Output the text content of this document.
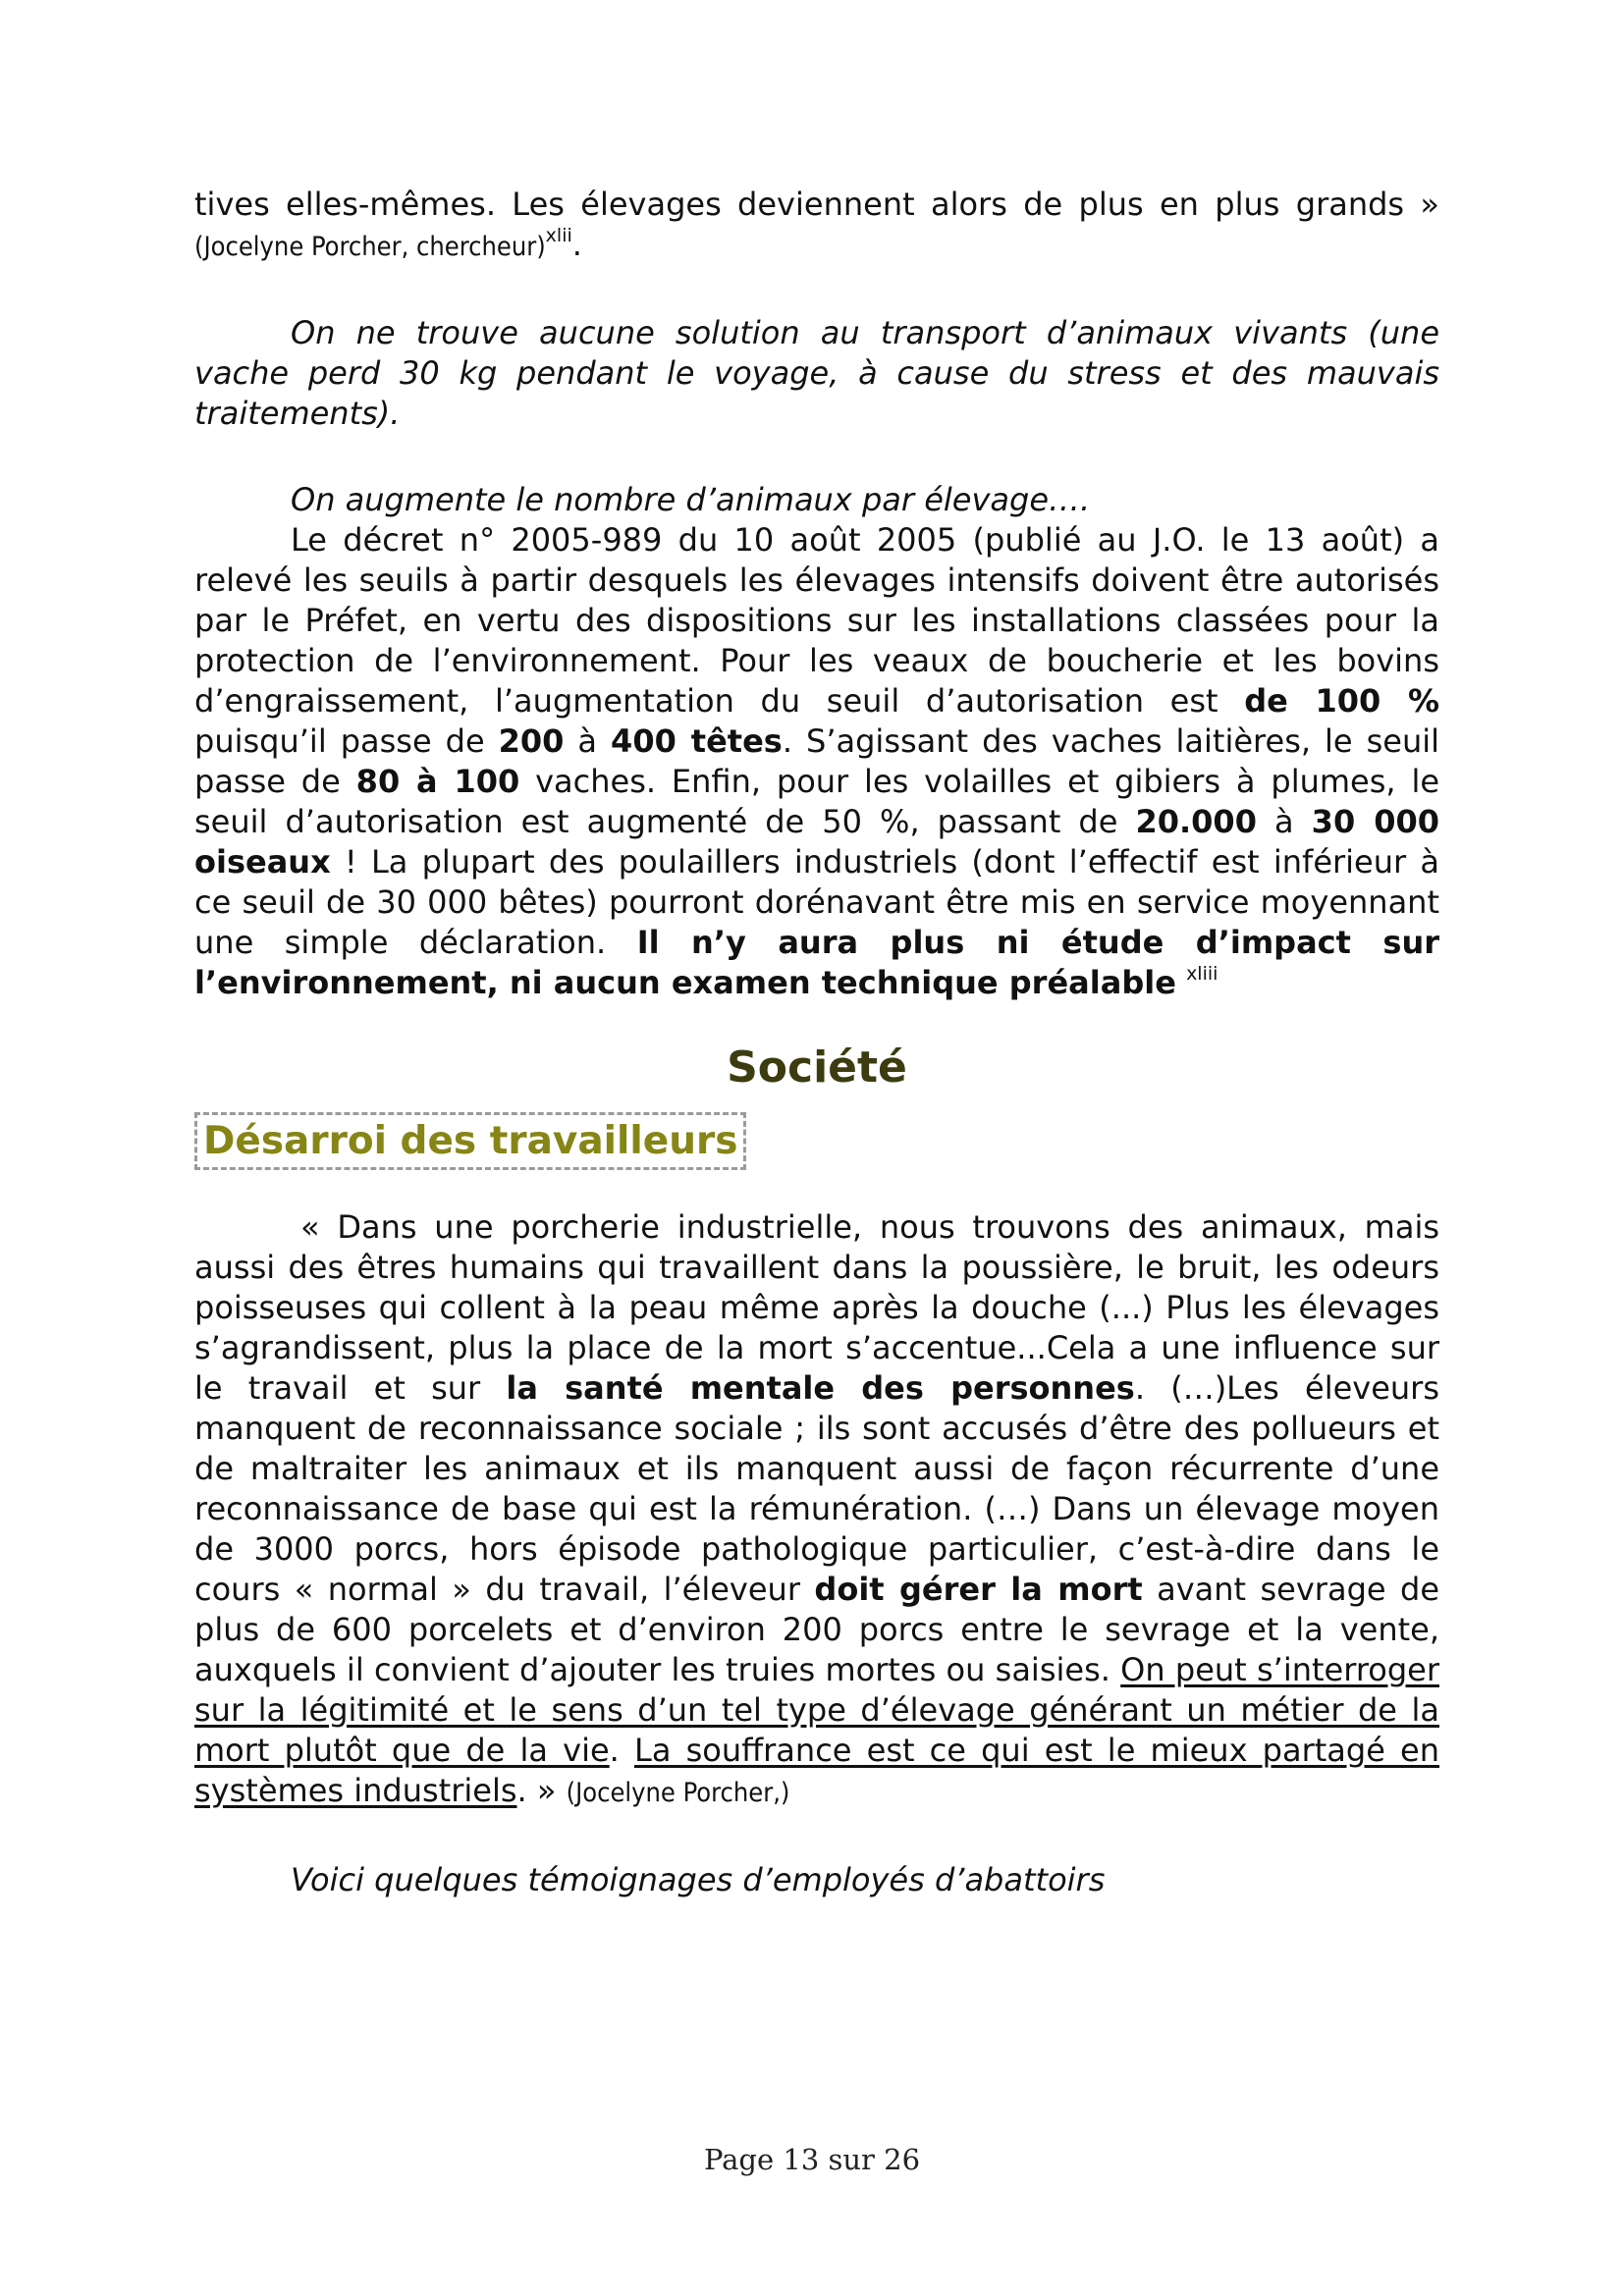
tives elles-mêmes. Les élevages deviennent alors de plus en plus grands » (Jocelyne Porcher, chercheur)$^{xlii}$.

On ne trouve aucune solution au transport d’animaux vivants (une vache perd 30 kg pendant le voyage, à cause du stress et des mauvais traitements).

On augmente le nombre d’animaux par élevage….

Le décret n° 2005-989 du 10 août 2005 (publié au J.O. le 13 août) a relevé les seuils à partir desquels les élevages intensifs doivent être autorisés par le Préfet, en vertu des dispositions sur les installations classées pour la protection de l’environnement. Pour les veaux de boucherie et les bovins d’engraissement, l’augmentation du seuil d’autorisation est de 100 % puisqu’il passe de 200 à 400 têtes. S’agissant des vaches laitières, le seuil passe de 80 à 100 vaches. Enfin, pour les volailles et gibiers à plumes, le seuil d’autorisation est augmenté de 50 %, passant de 20.000 à 30 000 oiseaux ! La plupart des poulaillers industriels (dont l’effectif est inférieur à ce seuil de 30 000 bêtes) pourront dorénavant être mis en service moyennant une simple déclaration. Il n’y aura plus ni étude d’impact sur l’environnement, ni aucun examen technique préalable $^{xliii}$

Société
Désarroi des travailleurs

« Dans une porcherie industrielle, nous trouvons des animaux, mais aussi des êtres humains qui travaillent dans la poussière, le bruit, les odeurs poisseuses qui collent à la peau même après la douche (...) Plus les élevages s’agrandissent, plus la place de la mort s’accentue...Cela a une influence sur le travail et sur la santé mentale des personnes. (…)Les éleveurs manquent de reconnaissance sociale ; ils sont accusés d’être des pollueurs et de maltraiter les animaux et ils manquent aussi de façon récurrente d’une reconnaissance de base qui est la rémunération. (…) Dans un élevage moyen de 3000 porcs, hors épisode pathologique particulier, c’est-à-dire dans le cours « normal » du travail, l’éleveur doit gérer la mort avant sevrage de plus de 600 porcelets et d’environ 200 porcs entre le sevrage et la vente, auxquels il convient d’ajouter les truies mortes ou saisies. On peut s’interroger sur la légitimité et le sens d’un tel type d’élevage générant un métier de la mort plutôt que de la vie. La souffrance est ce qui est le mieux partagé en systèmes industriels. » (Jocelyne Porcher,)

Voici quelques témoignages d’employés d’abattoirs

Page 13 sur 26
